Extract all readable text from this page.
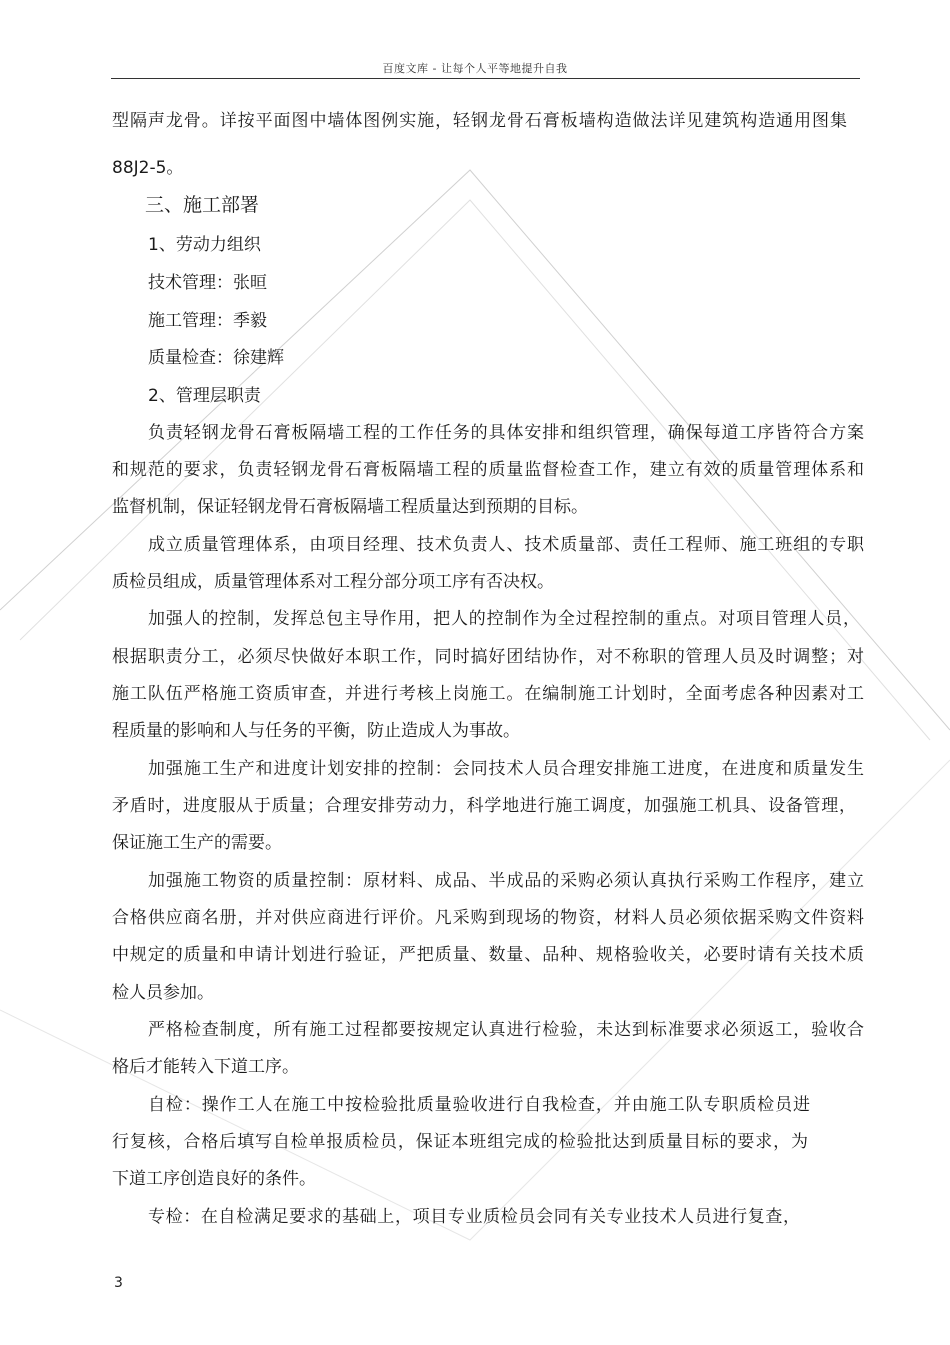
百度文库 - 让每个人平等地提升自我
型隔声龙骨。详按平面图中墙体图例实施，轻钢龙骨石膏板墙构造做法详见建筑构造通用图集
88J2-5。
三、施工部署
1、劳动力组织
技术管理：张晅
施工管理：季毅
质量检查：徐建辉
2、管理层职责
负责轻钢龙骨石膏板隔墙工程的工作任务的具体安排和组织管理，确保每道工序皆符合方案
和规范的要求，负责轻钢龙骨石膏板隔墙工程的质量监督检查工作，建立有效的质量管理体系和
监督机制，保证轻钢龙骨石膏板隔墙工程质量达到预期的目标。
成立质量管理体系，由项目经理、技术负责人、技术质量部、责任工程师、施工班组的专职
质检员组成，质量管理体系对工程分部分项工序有否决权。
加强人的控制，发挥总包主导作用，把人的控制作为全过程控制的重点。对项目管理人员，
根据职责分工，必须尽快做好本职工作，同时搞好团结协作，对不称职的管理人员及时调整；对
施工队伍严格施工资质审查，并进行考核上岗施工。在编制施工计划时，全面考虑各种因素对工
程质量的影响和人与任务的平衡，防止造成人为事故。
加强施工生产和进度计划安排的控制：会同技术人员合理安排施工进度，在进度和质量发生
矛盾时，进度服从于质量；合理安排劳动力，科学地进行施工调度，加强施工机具、设备管理，
保证施工生产的需要。
加强施工物资的质量控制：原材料、成品、半成品的采购必须认真执行采购工作程序，建立
合格供应商名册，并对供应商进行评价。凡采购到现场的物资，材料人员必须依据采购文件资料
中规定的质量和申请计划进行验证，严把质量、数量、品种、规格验收关，必要时请有关技术质
检人员参加。
严格检查制度，所有施工过程都要按规定认真进行检验，未达到标准要求必须返工，验收合
格后才能转入下道工序。
自检：操作工人在施工中按检验批质量验收进行自我检查，并由施工队专职质检员进
行复核，合格后填写自检单报质检员，保证本班组完成的检验批达到质量目标的要求，为
下道工序创造良好的条件。
专检：在自检满足要求的基础上，项目专业质检员会同有关专业技术人员进行复查，
3
